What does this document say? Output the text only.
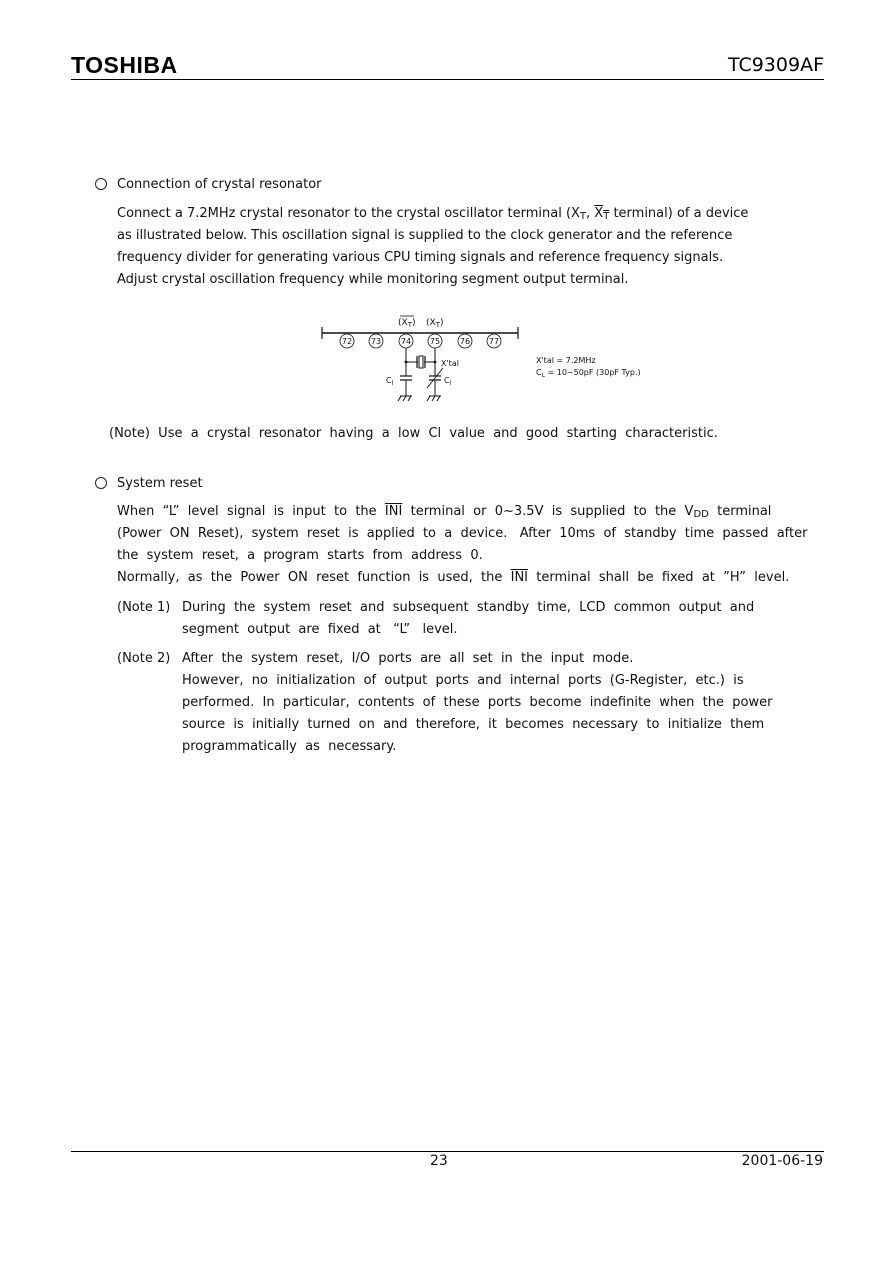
TOSHIBA	TC9309AF
Connection of crystal resonator
Connect a 7.2MHz crystal resonator to the crystal oscillator terminal ($X_T$, $\overline{X}_{\overline{T}}$ terminal) of a device
as illustrated below. This oscillation signal is supplied to the clock generator and the reference
frequency divider for generating various CPU timing signals and reference frequency signals.
Adjust crystal oscillation frequency while monitoring segment output terminal.
$(X_T)$ $(X_T)$
72 73 74 75 76 77
X'tal
$C_l$	$C_l$
X'tal = 7.2MHz
$C_L$ = 10~50pF (30pF Typ.)
(Note)  Use  a  crystal  resonator  having  a  low  Cl  value  and  good  starting  characteristic.
System reset
When  “L”  level  signal  is  input  to  the  $\overline{INI}$  terminal  or  0~3.5V  is  supplied  to  the  $V_{DD}$  terminal
(Power  ON  Reset),  system  reset  is  applied  to  a  device.   After  10ms  of  standby  time  passed  after
the  system  reset,  a  program  starts  from  address  0.
Normally,  as  the  Power  ON  reset  function  is  used,  the  $\overline{INI}$  terminal  shall  be  fixed  at  ”H”  level.
(Note 1) During  the  system  reset  and  subsequent  standby  time,  LCD  common  output  and
segment  output  are  fixed  at   “L”   level.
(Note 2) After  the  system  reset,  I/O  ports  are  all  set  in  the  input  mode.
However,  no  initialization  of  output  ports  and  internal  ports  (G-Register,  etc.)  is
performed.  In  particular,  contents  of  these  ports  become  indefinite  when  the  power
source  is  initially  turned  on  and  therefore,  it  becomes  necessary  to  initialize  them
programmatically  as  necessary.
23	2001-06-19
